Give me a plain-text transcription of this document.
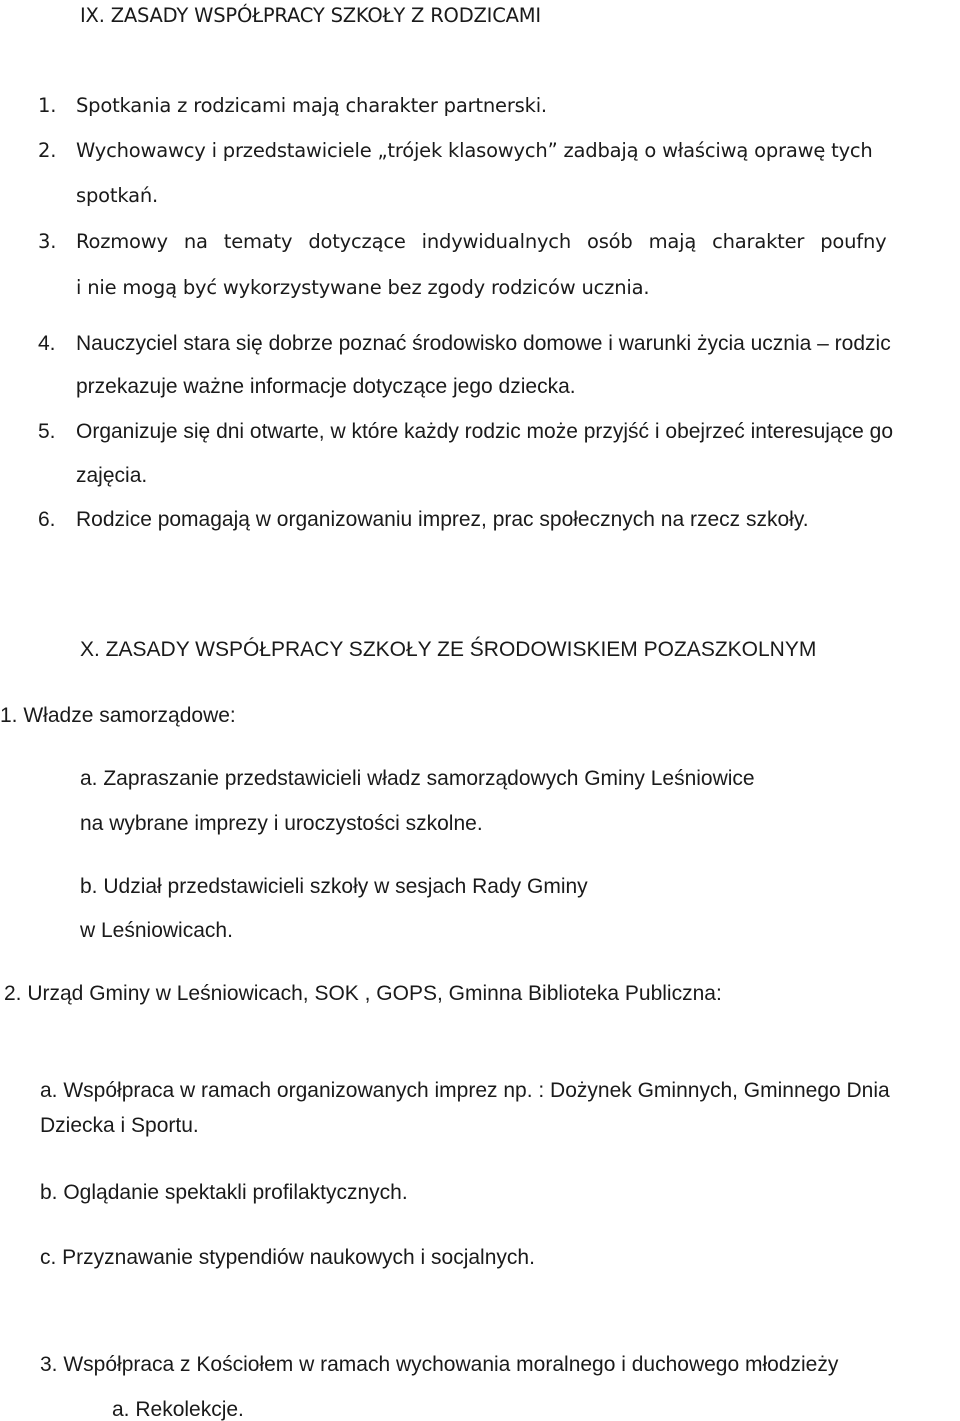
IX. ZASADY WSPÓŁPRACY SZKOŁY Z RODZICAMI
1. Spotkania z rodzicami mają charakter partnerski.
2. Wychowawcy i przedstawiciele „trójek klasowych” zadbają o właściwą oprawę tych
spotkań.
3. Rozmowy na tematy dotyczące indywidualnych osób mają charakter poufny
i nie mogą być wykorzystywane bez zgody rodziców ucznia.
4. Nauczyciel stara się dobrze poznać środowisko domowe i warunki życia ucznia – rodzic
przekazuje ważne informacje dotyczące jego dziecka.
5. Organizuje się dni otwarte, w które każdy rodzic może przyjść i obejrzeć interesujące go
zajęcia.
6. Rodzice pomagają w organizowaniu imprez, prac społecznych na rzecz szkoły.
X. ZASADY WSPÓŁPRACY SZKOŁY ZE ŚRODOWISKIEM POZASZKOLNYM
1. Władze samorządowe:
a. Zapraszanie przedstawicieli władz samorządowych Gminy Leśniowice
na wybrane imprezy i uroczystości szkolne.
b. Udział przedstawicieli szkoły w sesjach Rady Gminy
w Leśniowicach.
2. Urząd Gminy w Leśniowicach, SOK , GOPS, Gminna Biblioteka Publiczna:
a. Współpraca w ramach organizowanych imprez np. : Dożynek Gminnych, Gminnego Dnia
Dziecka i Sportu.
b. Oglądanie spektakli profilaktycznych.
c. Przyznawanie stypendiów naukowych i socjalnych.
3. Współpraca z Kościołem w ramach wychowania moralnego i duchowego młodzieży
a. Rekolekcje.
